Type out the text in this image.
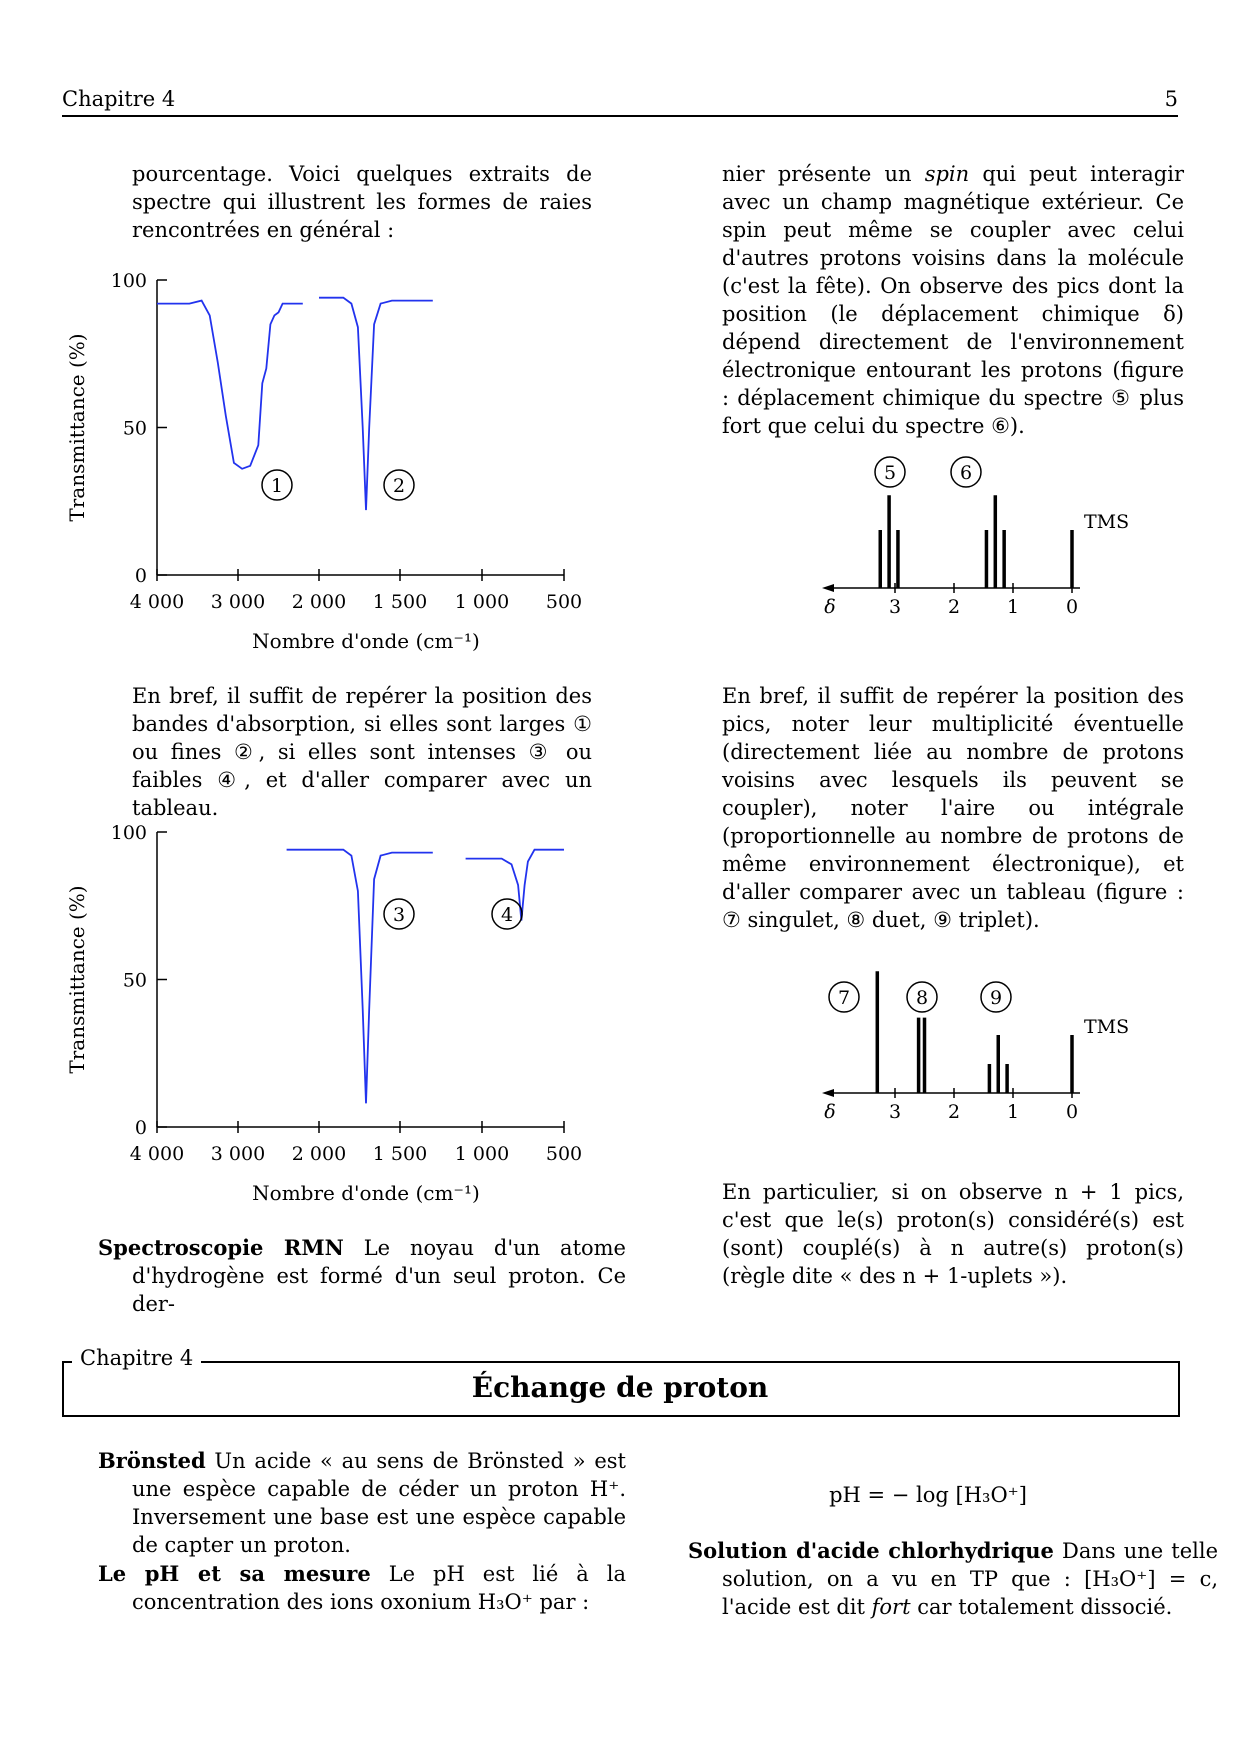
Chapitre 4	5

pourcentage. Voici quelques extraits de spectre qui illustrent les formes de raies rencontrées en général :

100
50
0
4 000 3 000 2 000 1 500 1 000 500
Nombre d'onde (cm⁻¹)
Transmittance (%)	1	2

En bref, il suffit de repérer la position des bandes d'absorption, si elles sont larges ① ou fines ②, si elles sont intenses ③ ou faibles ④, et d'aller comparer avec un tableau.

100
50
0
4 000 3 000 2 000 1 500 1 000 500
Nombre d'onde (cm⁻¹)
Transmittance (%)	3	4

Spectroscopie RMN Le noyau d'un atome d'hydrogène est formé d'un seul proton. Ce der-

nier présente un spin qui peut interagir avec un champ magnétique extérieur. Ce spin peut même se coupler avec celui d'autres protons voisins dans la molécule (c'est la fête). On observe des pics dont la position (le déplacement chimique δ) dépend directement de l'environnement électronique entourant les protons (figure : déplacement chimique du spectre ⑤ plus fort que celui du spectre ⑥).

δ	3 2 1 0
5	6
TMS

En bref, il suffit de repérer la position des pics, noter leur multiplicité éventuelle (directement liée au nombre de protons voisins avec lesquels ils peuvent se coupler), noter l'aire ou intégrale (proportionnelle au nombre de protons de même environnement électronique), et d'aller comparer avec un tableau (figure : ⑦ singulet, ⑧ duet, ⑨ triplet).

δ	3 2 1 0
7	8	9
TMS

En particulier, si on observe n + 1 pics, c'est que le(s) proton(s) considéré(s) est (sont) couplé(s) à n autre(s) proton(s) (règle dite « des n + 1-uplets »).

Chapitre 4
Échange de proton

Brönsted Un acide « au sens de Brönsted » est une espèce capable de céder un proton H⁺. Inversement une base est une espèce capable de capter un proton.

Le pH et sa mesure Le pH est lié à la concentration des ions oxonium H₃O⁺ par :

pH = − log [H₃O⁺]

Solution d'acide chlorhydrique Dans une telle solution, on a vu en TP que : [H₃O⁺] = c, l'acide est dit fort car totalement dissocié.
